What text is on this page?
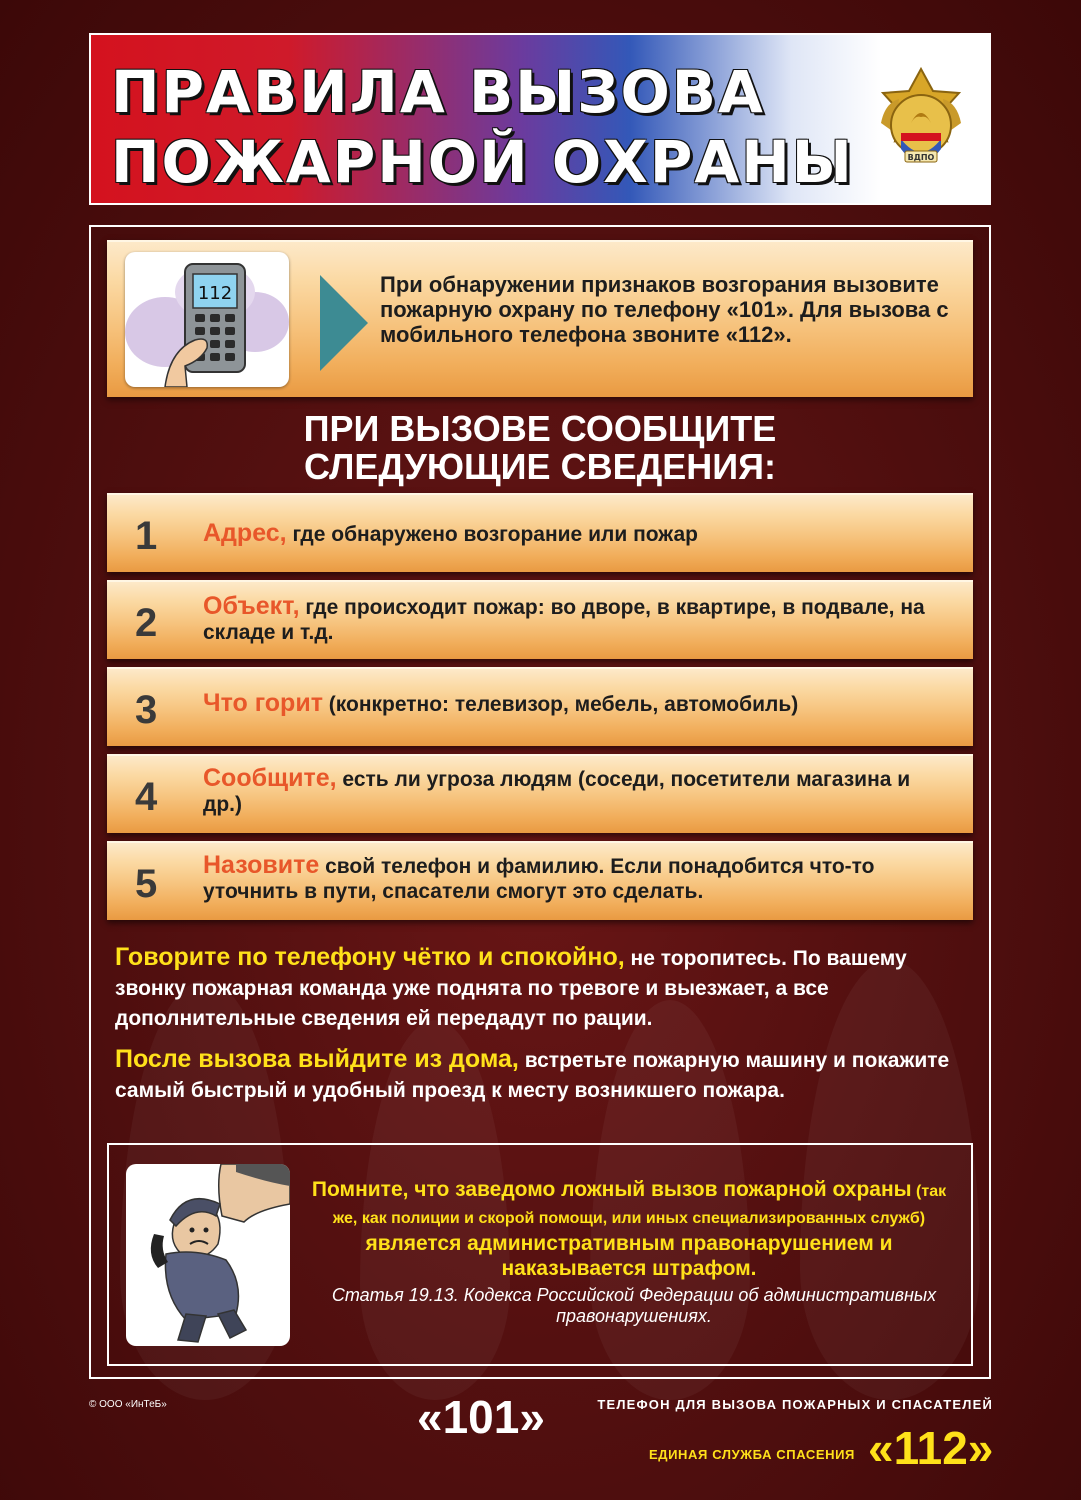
ПРАВИЛА ВЫЗОВА
ПОЖАРНОЙ ОХРАНЫ	ВДПО
112	При обнаружении признаков возгорания вызовите пожарную охрану по телефону «101». Для вызова с мобильного телефона звоните «112».
ПРИ ВЫЗОВЕ СООБЩИТЕ
СЛЕДУЮЩИЕ СВЕДЕНИЯ:
1	Адрес, где обнаружено возгорание или пожар
2	Объект, где происходит пожар: во дворе, в квартире, в подвале, на складе и т.д.
3	Что горит (конкретно: телевизор, мебель, автомобиль)
4	Сообщите, есть ли угроза людям (соседи, посетители магазина и др.)
5	Назовите свой телефон и фамилию. Если понадобится что-то уточнить в пути, спасатели смогут это сделать.
Говорите по телефону чётко и спокойно, не торопитесь. По вашему звонку пожарная команда уже поднята по тревоге и выезжает, а все дополнительные сведения ей передадут по рации.
После вызова выйдите из дома, встретьте пожарную машину и покажите самый быстрый и удобный проезд к месту возникшего пожара.
Помните, что заведомо ложный вызов пожарной охраны (так же, как полиции и скорой помощи, или иных специализированных служб) является административным правонарушением и наказывается штрафом.
Статья 19.13. Кодекса Российской Федерации об административных правонарушениях.
© ООО «ИнТеБ»	«101»	ТЕЛЕФОН ДЛЯ ВЫЗОВА ПОЖАРНЫХ И СПАСАТЕЛЕЙ
ЕДИНАЯ СЛУЖБА СПАСЕНИЯ «112»
